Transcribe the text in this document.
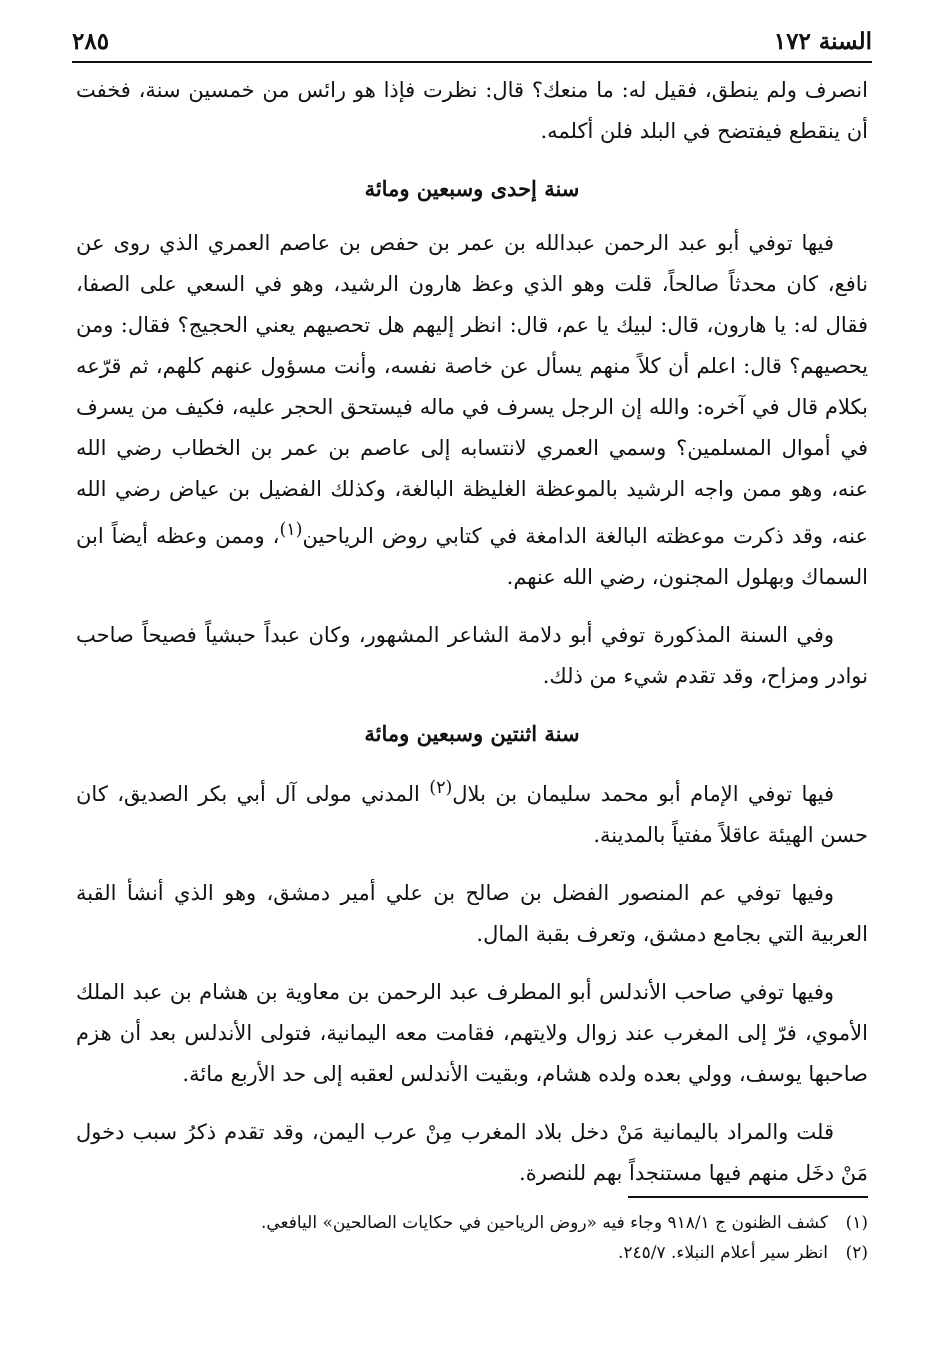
السنة ١٧٢
٢٨٥

انصرف ولم ينطق، فقيل له: ما منعك؟ قال: نظرت فإذا هو رائس من خمسين سنة، فخفت أن ينقطع فيفتضح في البلد فلن أكلمه.

سنة إحدى وسبعين ومائة

فيها توفي أبو عبد الرحمن عبدالله بن عمر بن حفص بن عاصم العمري الذي روى عن نافع، كان محدثاً صالحاً، قلت وهو الذي وعظ هارون الرشيد، وهو في السعي على الصفا، فقال له: يا هارون، قال: لبيك يا عم، قال: انظر إليهم هل تحصيهم يعني الحجيج؟ فقال: ومن يحصيهم؟ قال: اعلم أن كلاً منهم يسأل عن خاصة نفسه، وأنت مسؤول عنهم كلهم، ثم قرّعه بكلام قال في آخره: والله إن الرجل يسرف في ماله فيستحق الحجر عليه، فكيف من يسرف في أموال المسلمين؟ وسمي العمري لانتسابه إلى عاصم بن عمر بن الخطاب رضي الله عنه، وهو ممن واجه الرشيد بالموعظة الغليظة البالغة، وكذلك الفضيل بن عياض رضي الله عنه، وقد ذكرت موعظته البالغة الدامغة في كتابي روض الرياحين$^{(١)}$، وممن وعظه أيضاً ابن السماك وبهلول المجنون، رضي الله عنهم.

وفي السنة المذكورة توفي أبو دلامة الشاعر المشهور، وكان عبداً حبشياً فصيحاً صاحب نوادر ومزاح، وقد تقدم شيء من ذلك.

سنة اثنتين وسبعين ومائة

فيها توفي الإمام أبو محمد سليمان بن بلال$^{(٢)}$ المدني مولى آل أبي بكر الصديق، كان حسن الهيئة عاقلاً مفتياً بالمدينة.

وفيها توفي عم المنصور الفضل بن صالح بن علي أمير دمشق، وهو الذي أنشأ القبة العربية التي بجامع دمشق، وتعرف بقبة المال.

وفيها توفي صاحب الأندلس أبو المطرف عبد الرحمن بن معاوية بن هشام بن عبد الملك الأموي، فرّ إلى المغرب عند زوال ولايتهم، فقامت معه اليمانية، فتولى الأندلس بعد أن هزم صاحبها يوسف، وولي بعده ولده هشام، وبقيت الأندلس لعقبه إلى حد الأربع مائة.

قلت والمراد باليمانية مَنْ دخل بلاد المغرب مِنْ عرب اليمن، وقد تقدم ذكرُ سبب دخول مَنْ دخَل منهم فيها مستنجداً بهم للنصرة.

(١)
كشف الظنون ج ٩١٨/١ وجاء فيه «روض الرياحين في حكايات الصالحين» اليافعي.
(٢)
انظر سير أعلام النبلاء. ٢٤٥/٧.
